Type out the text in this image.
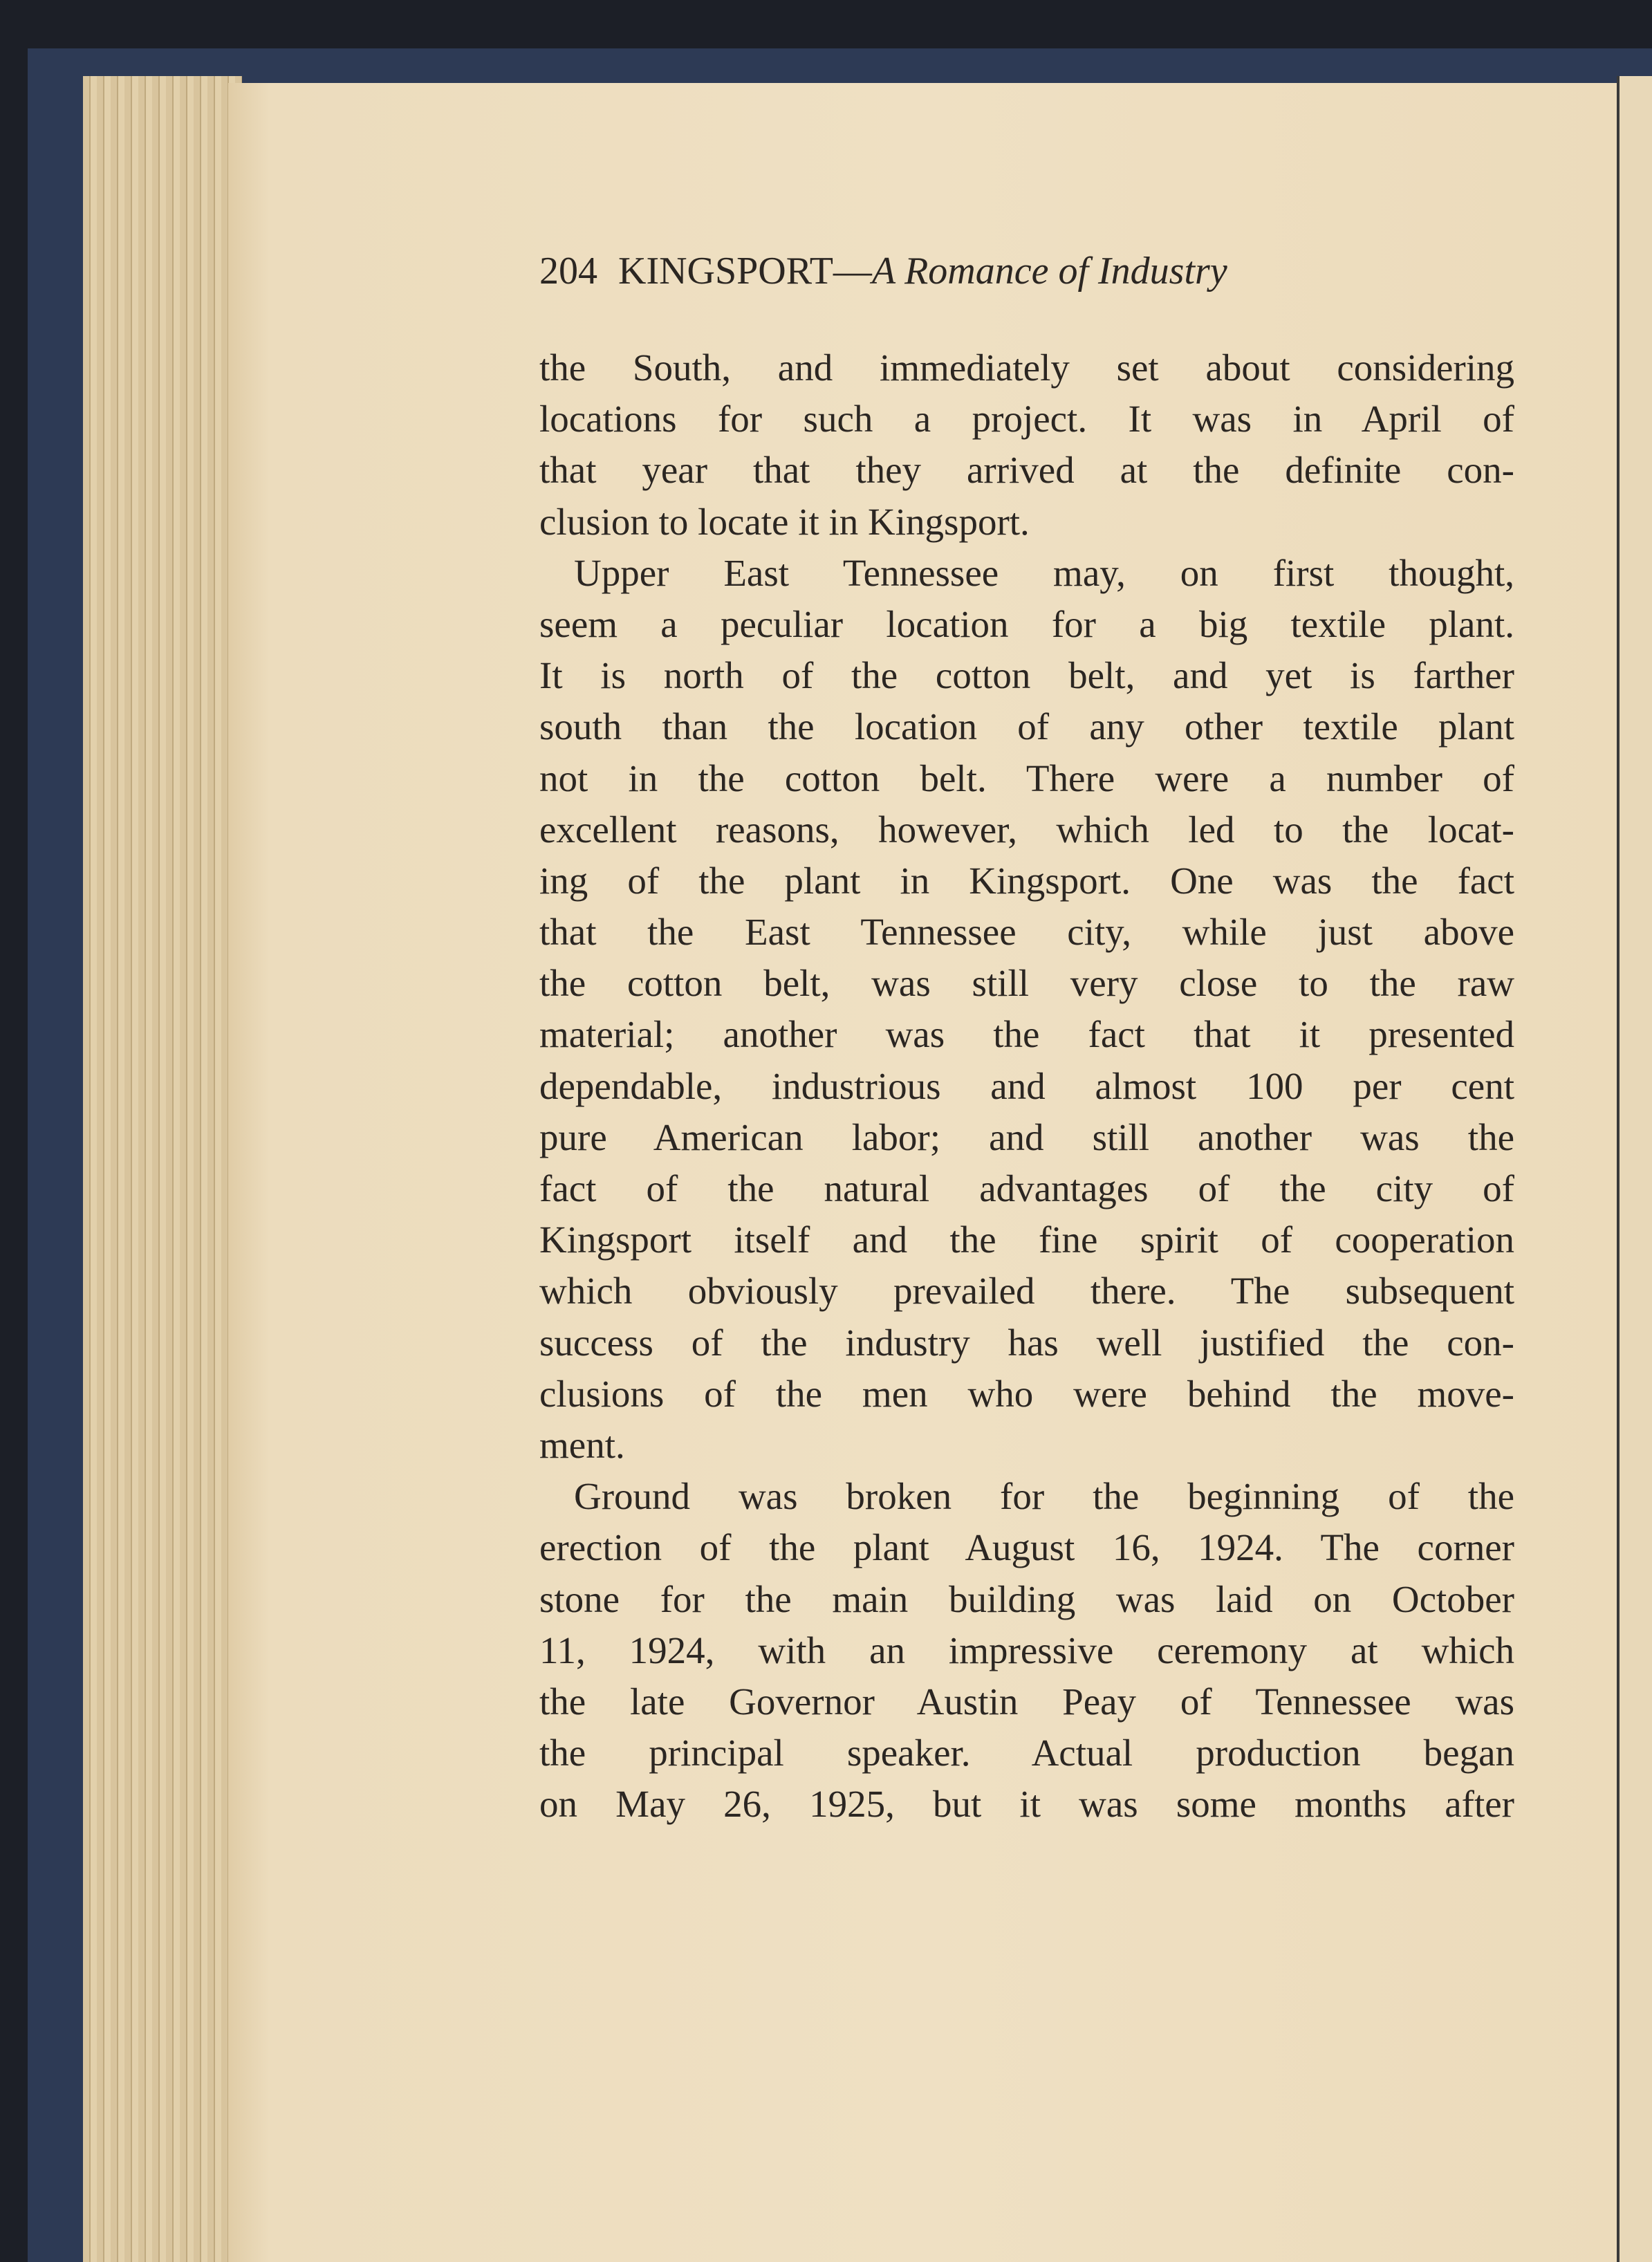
204 KINGSPORT—A Romance of Industry
the South, and immediately set about considering
locations for such a project. It was in April of
that year that they arrived at the definite con-
clusion to locate it in Kingsport.
Upper East Tennessee may, on first thought,
seem a peculiar location for a big textile plant.
It is north of the cotton belt, and yet is farther
south than the location of any other textile plant
not in the cotton belt. There were a number of
excellent reasons, however, which led to the locat-
ing of the plant in Kingsport. One was the fact
that the East Tennessee city, while just above
the cotton belt, was still very close to the raw
material; another was the fact that it presented
dependable, industrious and almost 100 per cent
pure American labor; and still another was the
fact of the natural advantages of the city of
Kingsport itself and the fine spirit of cooperation
which obviously prevailed there. The subsequent
success of the industry has well justified the con-
clusions of the men who were behind the move-
ment.
Ground was broken for the beginning of the
erection of the plant August 16, 1924. The corner
stone for the main building was laid on October
11, 1924, with an impressive ceremony at which
the late Governor Austin Peay of Tennessee was
the principal speaker. Actual production began
on May 26, 1925, but it was some months after
